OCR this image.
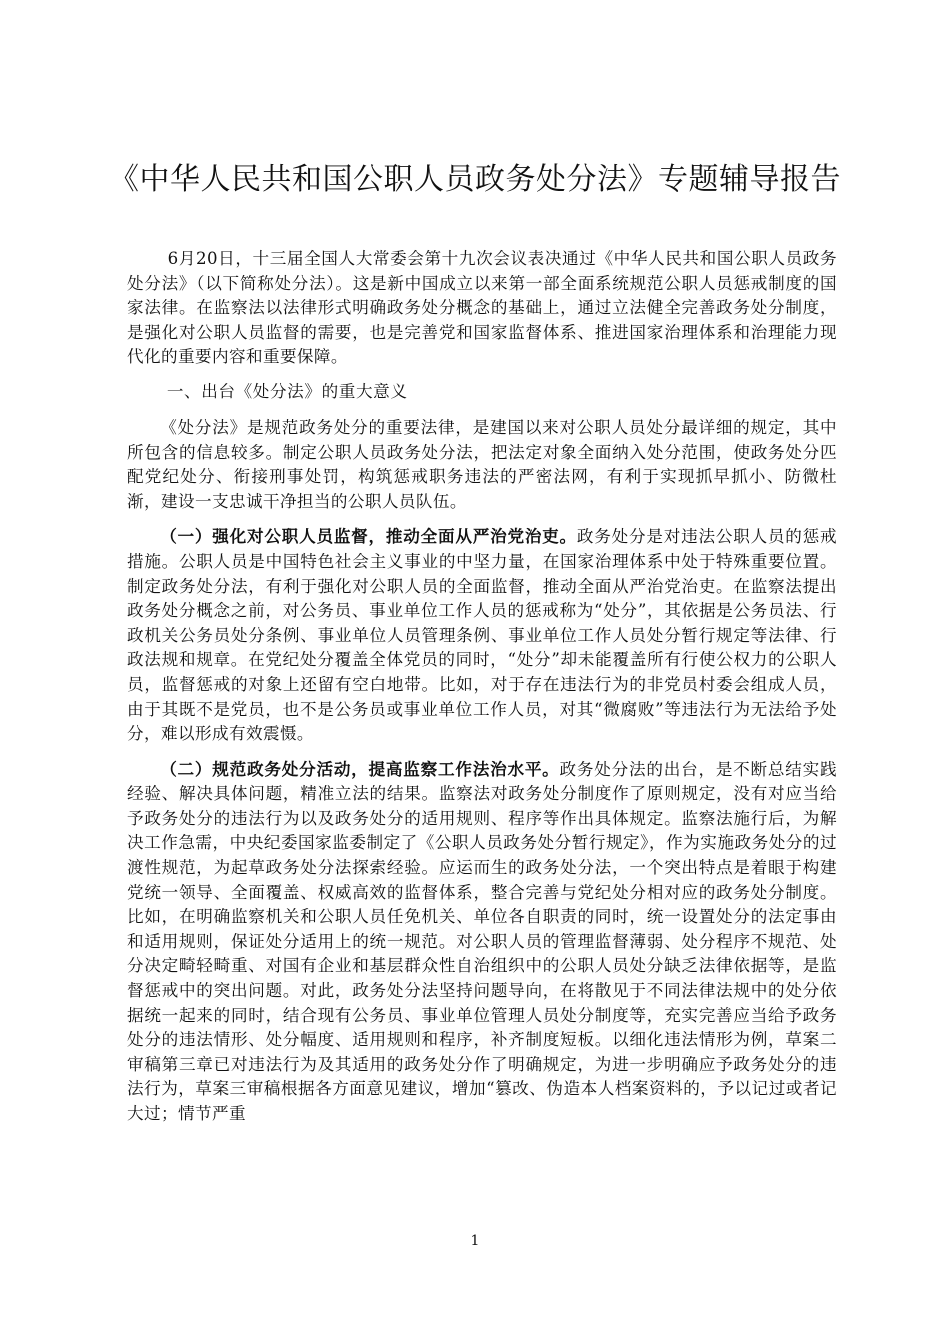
《中华人民共和国公职人员政务处分法》专题辅导报告

6月20日，十三届全国人大常委会第十九次会议表决通过《中华人民共和国公职人员政务处分法》（以下简称处分法）。这是新中国成立以来第一部全面系统规范公职人员惩戒制度的国家法律。在监察法以法律形式明确政务处分概念的基础上，通过立法健全完善政务处分制度，是强化对公职人员监督的需要，也是完善党和国家监督体系、推进国家治理体系和治理能力现代化的重要内容和重要保障。

一、出台《处分法》的重大意义

《处分法》是规范政务处分的重要法律，是建国以来对公职人员处分最详细的规定，其中所包含的信息较多。制定公职人员政务处分法，把法定对象全面纳入处分范围，使政务处分匹配党纪处分、衔接刑事处罚，构筑惩戒职务违法的严密法网，有利于实现抓早抓小、防微杜渐，建设一支忠诚干净担当的公职人员队伍。

（一）强化对公职人员监督，推动全面从严治党治吏。政务处分是对违法公职人员的惩戒措施。公职人员是中国特色社会主义事业的中坚力量，在国家治理体系中处于特殊重要位置。制定政务处分法，有利于强化对公职人员的全面监督，推动全面从严治党治吏。在监察法提出政务处分概念之前，对公务员、事业单位工作人员的惩戒称为“处分”，其依据是公务员法、行政机关公务员处分条例、事业单位人员管理条例、事业单位工作人员处分暂行规定等法律、行政法规和规章。在党纪处分覆盖全体党员的同时，“处分”却未能覆盖所有行使公权力的公职人员，监督惩戒的对象上还留有空白地带。比如，对于存在违法行为的非党员村委会组成人员，由于其既不是党员，也不是公务员或事业单位工作人员，对其“微腐败”等违法行为无法给予处分，难以形成有效震慑。

（二）规范政务处分活动，提高监察工作法治水平。政务处分法的出台，是不断总结实践经验、解决具体问题，精准立法的结果。监察法对政务处分制度作了原则规定，没有对应当给予政务处分的违法行为以及政务处分的适用规则、程序等作出具体规定。监察法施行后，为解决工作急需，中央纪委国家监委制定了《公职人员政务处分暂行规定》，作为实施政务处分的过渡性规范，为起草政务处分法探索经验。应运而生的政务处分法，一个突出特点是着眼于构建党统一领导、全面覆盖、权威高效的监督体系，整合完善与党纪处分相对应的政务处分制度。比如，在明确监察机关和公职人员任免机关、单位各自职责的同时，统一设置处分的法定事由和适用规则，保证处分适用上的统一规范。对公职人员的管理监督薄弱、处分程序不规范、处分决定畸轻畸重、对国有企业和基层群众性自治组织中的公职人员处分缺乏法律依据等，是监督惩戒中的突出问题。对此，政务处分法坚持问题导向，在将散见于不同法律法规中的处分依据统一起来的同时，结合现有公务员、事业单位管理人员处分制度等，充实完善应当给予政务处分的违法情形、处分幅度、适用规则和程序，补齐制度短板。以细化违法情形为例，草案二审稿第三章已对违法行为及其适用的政务处分作了明确规定，为进一步明确应予政务处分的违法行为，草案三审稿根据各方面意见建议，增加“篡改、伪造本人档案资料的，予以记过或者记大过；情节严重

1
